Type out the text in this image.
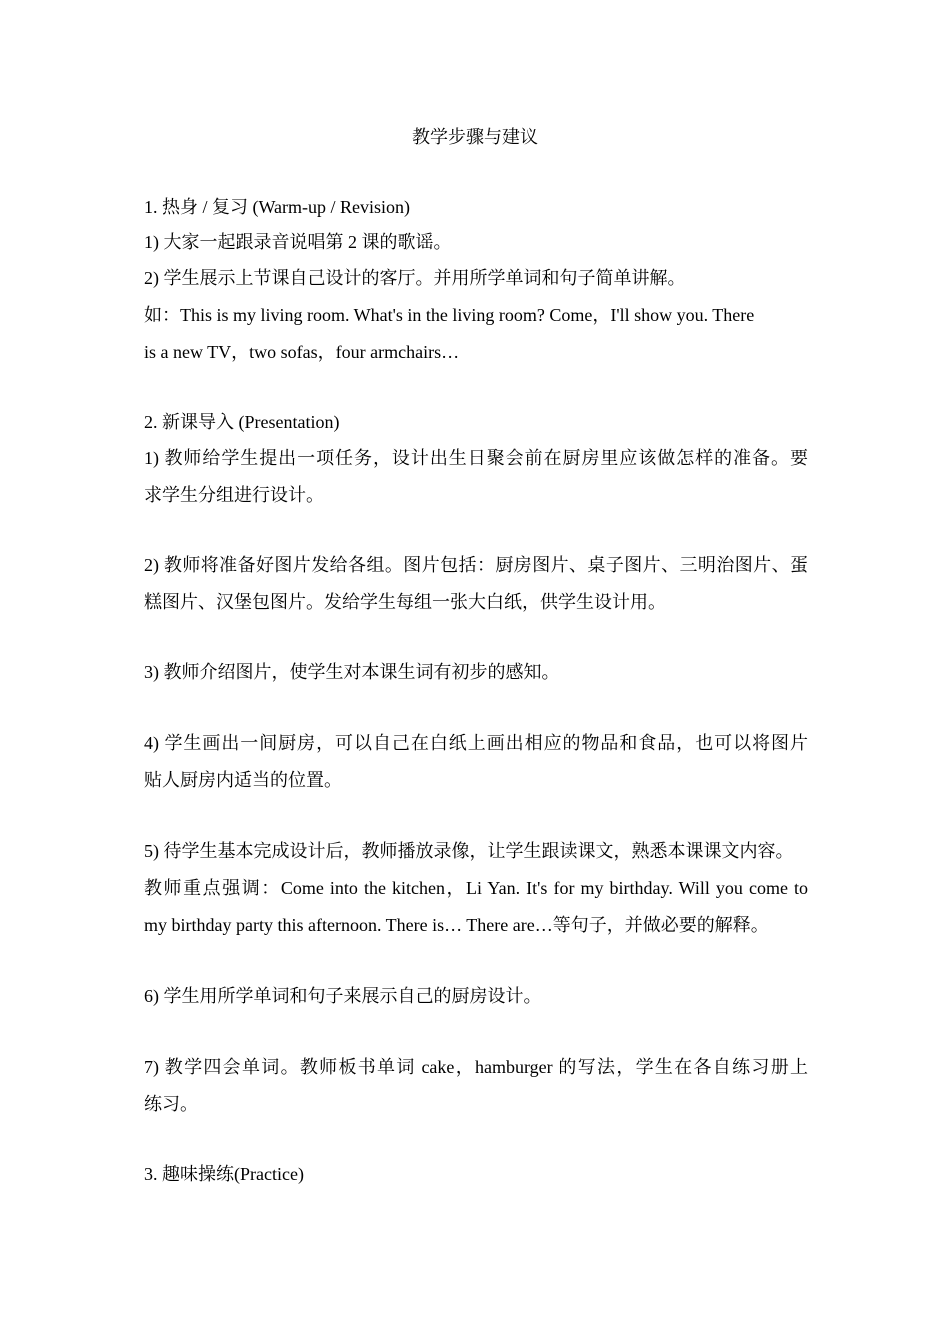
教学步骤与建议
1. 热身 / 复习 (Warm-up / Revision)
1) 大家一起跟录音说唱第 2 课的歌谣。
2) 学生展示上节课自己设计的客厅。并用所学单词和句子简单讲解。
如：This is my living room. What's in the living room? Come，I'll show you. There
is a new TV，two sofas，four armchairs…
2. 新课导入 (Presentation)
1) 教师给学生提出一项任务，设计出生日聚会前在厨房里应该做怎样的准备。要
求学生分组进行设计。
2) 教师将准备好图片发给各组。图片包括：厨房图片、桌子图片、三明治图片、蛋
糕图片、汉堡包图片。发给学生每组一张大白纸，供学生设计用。
3) 教师介绍图片，使学生对本课生词有初步的感知。
4) 学生画出一间厨房，可以自己在白纸上画出相应的物品和食品，也可以将图片
贴人厨房内适当的位置。
5) 待学生基本完成设计后，教师播放录像，让学生跟读课文，熟悉本课课文内容。
教师重点强调：Come into the kitchen，Li Yan. It's for my birthday. Will you come to
my birthday party this afternoon. There is… There are…等句子，并做必要的解释。
6) 学生用所学单词和句子来展示自己的厨房设计。
7) 教学四会单词。教师板书单词 cake，hamburger 的写法，学生在各自练习册上
练习。
3. 趣味操练(Practice)
